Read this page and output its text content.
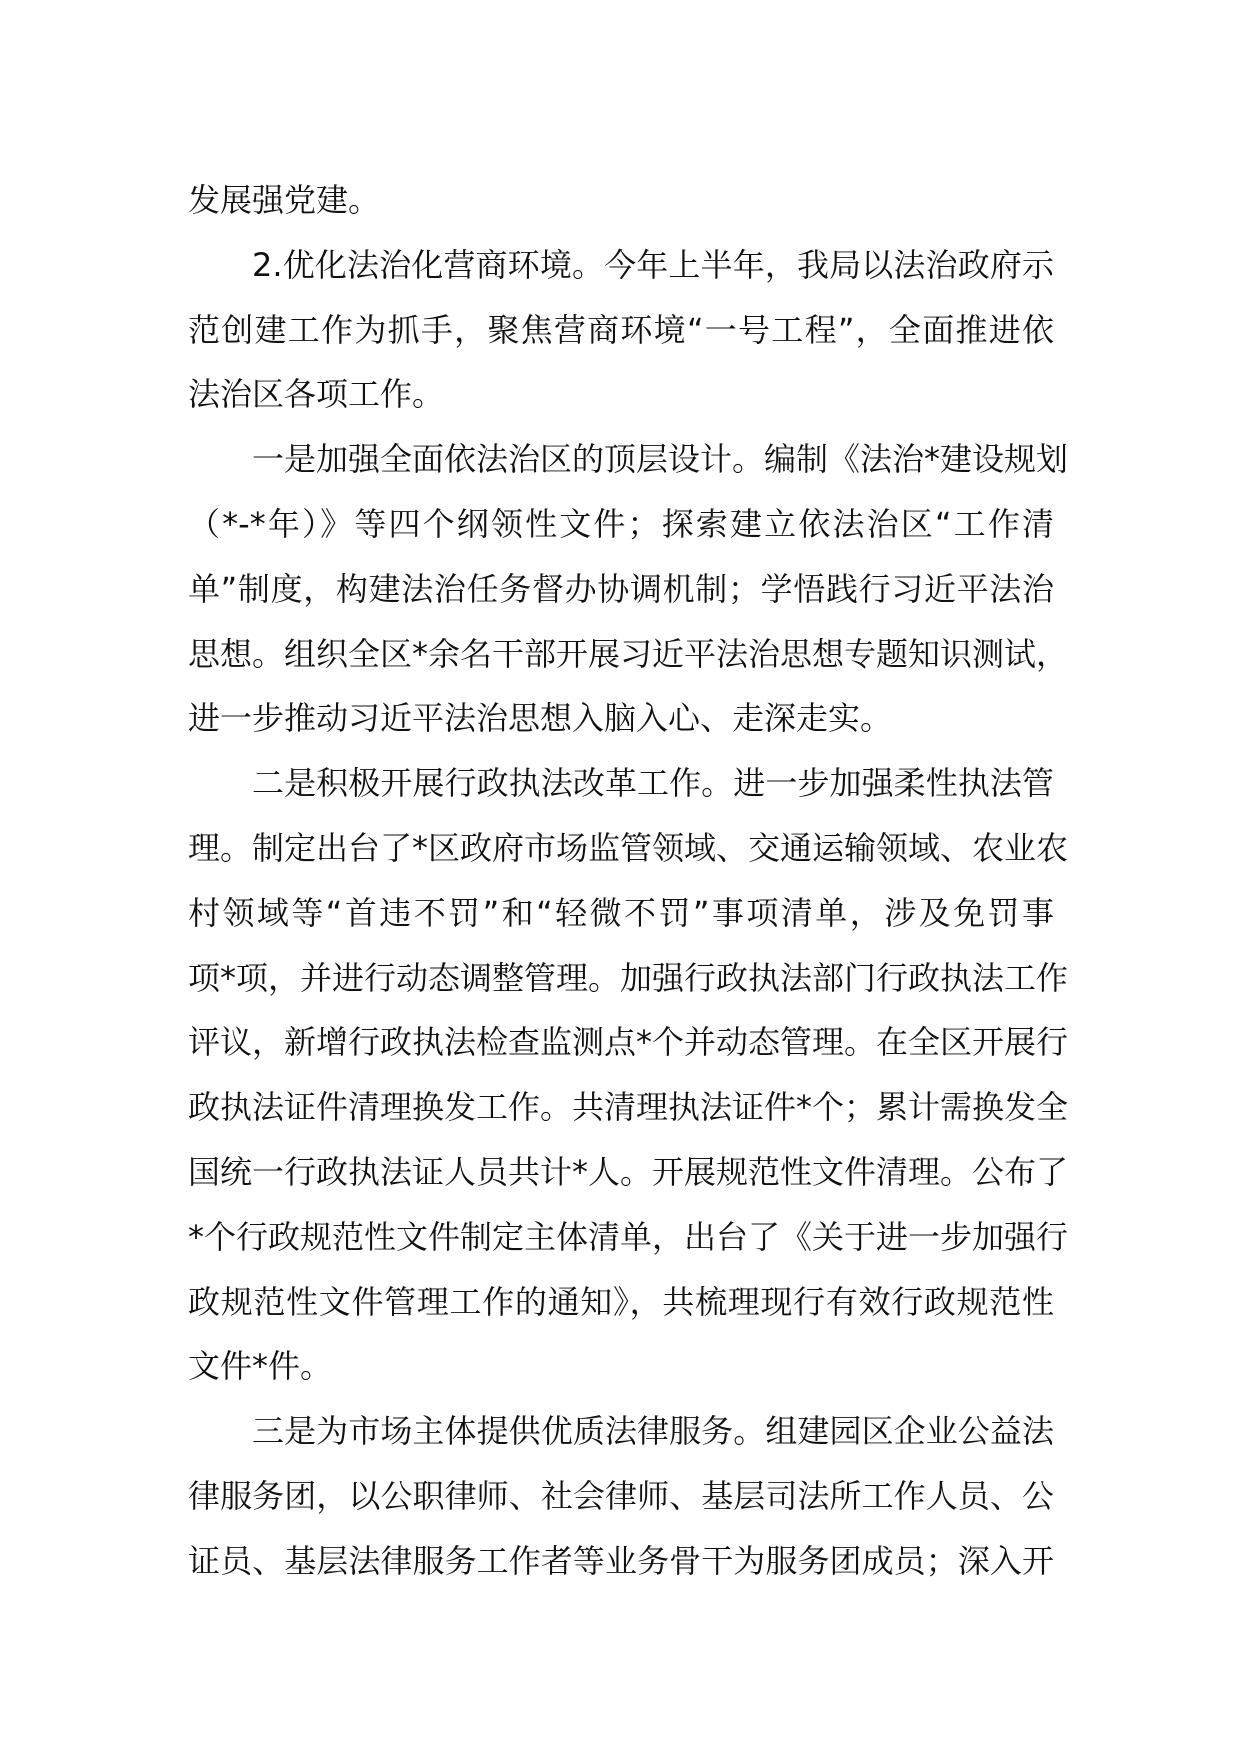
发展强党建。
2.优化法治化营商环境。今年上半年，我局以法治政府示
范创建工作为抓手，聚焦营商环境“一号工程”，全面推进依
法治区各项工作。
一是加强全面依法治区的顶层设计。编制《法治*建设规划
（*-*年）》等四个纲领性文件；探索建立依法治区“工作清
单”制度，构建法治任务督办协调机制；学悟践行习近平法治
思想。组织全区*余名干部开展习近平法治思想专题知识测试，
进一步推动习近平法治思想入脑入心、走深走实。
二是积极开展行政执法改革工作。进一步加强柔性执法管
理。制定出台了*区政府市场监管领域、交通运输领域、农业农
村领域等“首违不罚”和“轻微不罚”事项清单，涉及免罚事
项*项，并进行动态调整管理。加强行政执法部门行政执法工作
评议，新增行政执法检查监测点*个并动态管理。在全区开展行
政执法证件清理换发工作。共清理执法证件*个；累计需换发全
国统一行政执法证人员共计*人。开展规范性文件清理。公布了
*个行政规范性文件制定主体清单，出台了《关于进一步加强行
政规范性文件管理工作的通知》，共梳理现行有效行政规范性
文件*件。
三是为市场主体提供优质法律服务。组建园区企业公益法
律服务团，以公职律师、社会律师、基层司法所工作人员、公
证员、基层法律服务工作者等业务骨干为服务团成员；深入开
